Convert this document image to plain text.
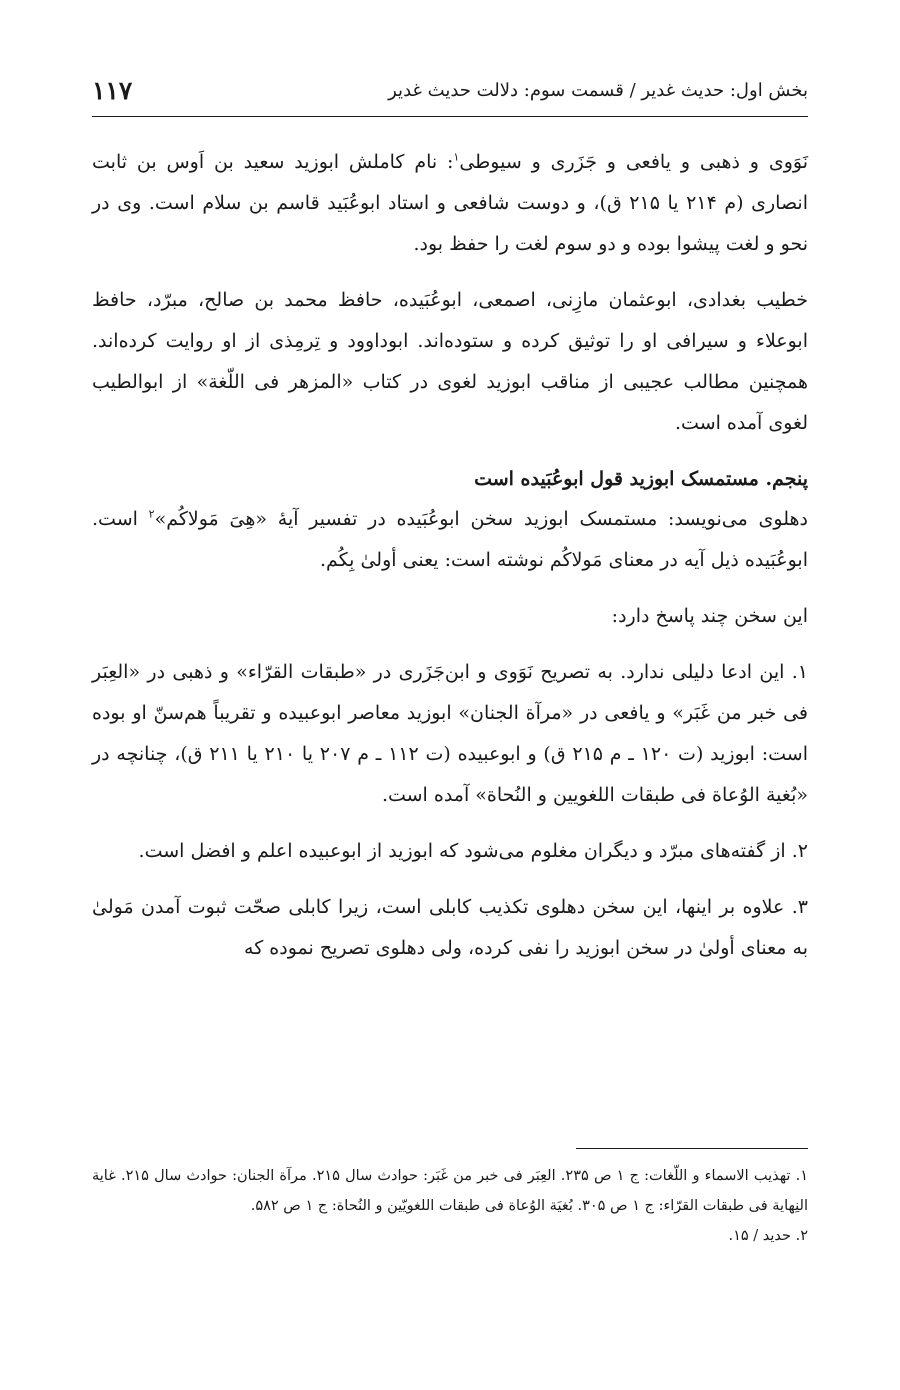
بخش اول: حدیث غدیر / قسمت سوم: دلالت حدیث غدیر
۱۱۷

نَوَوی و ذهبی و یافعی و جَزَری و سیوطی$^۱$: نام کاملش ابوزید سعید بن اَوس بن ثابت انصاری (م ۲۱۴ یا ۲۱۵ ق)، و دوست شافعی و استاد ابوعُبَید قاسم بن سلام است. وی در نحو و لغت پیشوا بوده و دو سوم لغت را حفظ بود.

خطیب بغدادی، ابوعثمان مازِنی، اصمعی، ابوعُبَیده، حافظ محمد بن صالح، مبرّد، حافظ ابوعلاء و سیرافی او را توثیق کرده و ستوده‌اند. ابوداوود و تِرمِذی از او روایت کرده‌اند. همچنین مطالب عجیبی از مناقب ابوزید لغوی در کتاب «المزهر فی اللّغة» از ابوالطیب لغوی آمده است.

پنجم. مستمسک ابوزید قول ابوعُبَیده است

دهلوی می‌نویسد: مستمسک ابوزید سخن ابوعُبَیده در تفسیر آیهٔ «هِیَ مَولاکُم»$^۲$ است. ابوعُبَیده ذیل آیه در معنای مَولاکُم نوشته است: یعنی أولیٰ بِکُم.

این سخن چند پاسخ دارد:

۱. این ادعا دلیلی ندارد. به تصریح نَوَوی و ابن‌جَزَری در «طبقات القرّاء» و ذهبی در «العِبَر فی خبر من غَبَر» و یافعی در «مرآة الجنان» ابوزید معاصر ابوعبیده و تقریباً هم‌سنّ او بوده است: ابوزید (ت ۱۲۰ ـ م ۲۱۵ ق) و ابوعبیده (ت ۱۱۲ ـ م ۲۰۷ یا ۲۱۰ یا ۲۱۱ ق)، چنانچه در «بُغیة الوُعاة فی طبقات اللغویین و النُحاة» آمده است.

۲. از گفته‌های مبرّد و دیگران مغلوم می‌شود که ابوزید از ابوعبیده اعلم و افضل است.

۳. علاوه بر اینها، این سخن دهلوی تکذیب کابلی است، زیرا کابلی صحّت ثبوت آمدن مَولیٰ به معنای أولیٰ در سخن ابوزید را نفی کرده، ولی دهلوی تصریح نموده که

۱. تهذیب الاسماء و اللّغات: ج ۱ ص ۲۳۵. العِبَر فی خبر من غَبَر: حوادث سال ۲۱۵. مرآة الجنان: حوادث سال ۲۱۵. غایة النِهایة فی طبقات القرّاء: ج ۱ ص ۳۰۵. بُغیَة الوُعاة فی طبقات اللغویّین و النُحاة: ج ۱ ص ۵۸۲.

۲. حدید / ۱۵.
